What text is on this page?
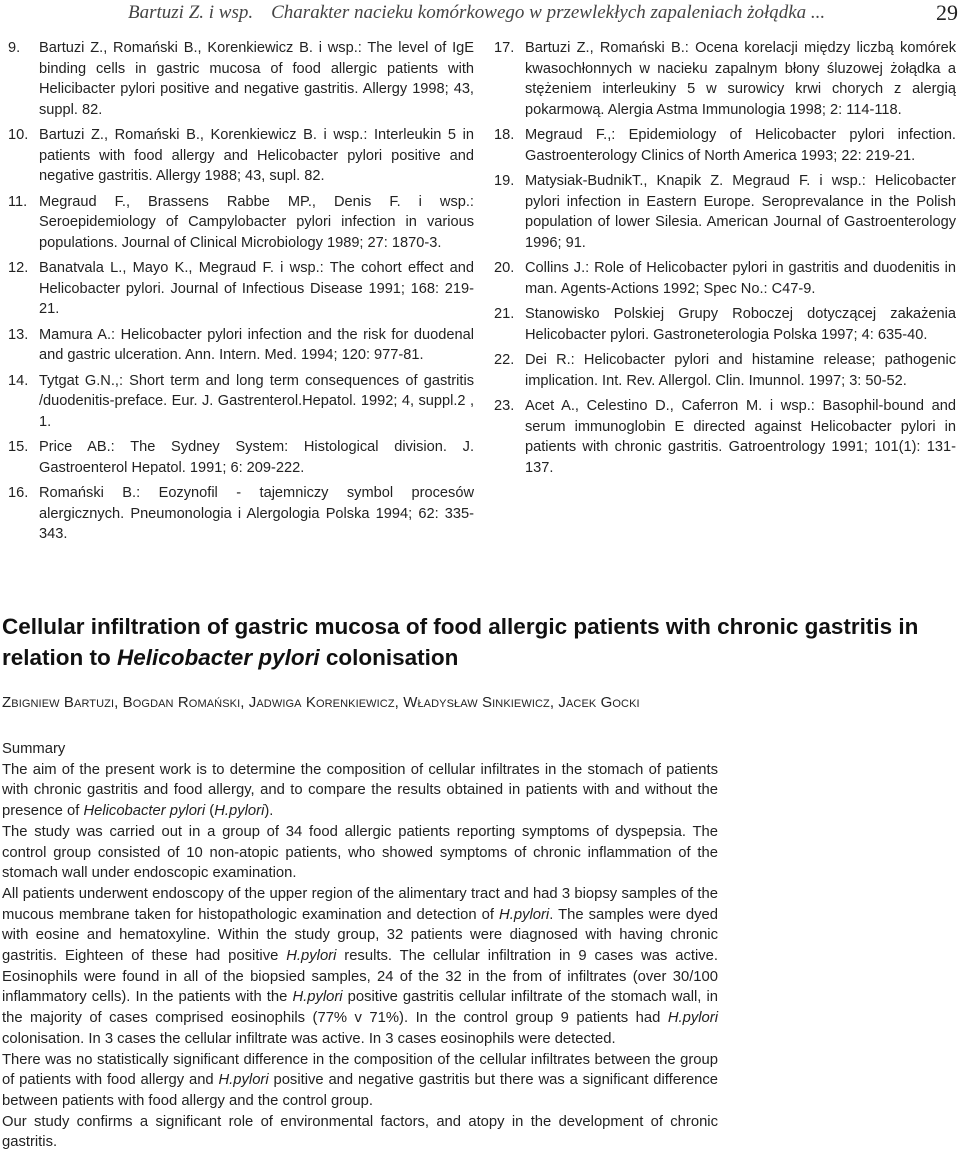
Bartuzi Z. i wsp. Charakter nacieku komórkowego w przewlekłych zapaleniach żołądka ...	29
9. Bartuzi Z., Romański B., Korenkiewicz B. i wsp.: The level of IgE binding cells in gastric mucosa of food allergic patients with Helicibacter pylori positive and negative gastritis. Allergy 1998; 43, suppl. 82.
10. Bartuzi Z., Romański B., Korenkiewicz B. i wsp.: Interleukin 5 in patients with food allergy and Helicobacter pylori positive and negative gastritis. Allergy 1988; 43, supl. 82.
11. Megraud F., Brassens Rabbe MP., Denis F. i wsp.: Seroepidemiology of Campylobacter pylori infection in various populations. Journal of Clinical Microbiology 1989; 27: 1870-3.
12. Banatvala L., Mayo K., Megraud F. i wsp.: The cohort effect and Helicobacter pylori. Journal of Infectious Disease 1991; 168: 219-21.
13. Mamura A.: Helicobacter pylori infection and the risk for duodenal and gastric ulceration. Ann. Intern. Med. 1994; 120: 977-81.
14. Tytgat G.N.,: Short term and long term consequences of gastritis /duodenitis-preface. Eur. J. Gastrenterol.Hepatol. 1992; 4, suppl.2 , 1.
15. Price AB.: The Sydney System: Histological division. J. Gastroenterol Hepatol. 1991; 6: 209-222.
16. Romański B.: Eozynofil - tajemniczy symbol procesów alergicznych. Pneumonologia i Alergologia Polska 1994; 62: 335-343.
17. Bartuzi Z., Romański B.: Ocena korelacji między liczbą komórek kwasochłonnych w nacieku zapalnym błony śluzowej żołądka a stężeniem interleukiny 5 w surowicy krwi chorych z alergią pokarmową. Alergia Astma Immunologia 1998; 2: 114-118.
18. Megraud F.,: Epidemiology of Helicobacter pylori infection. Gastroenterology Clinics of North America 1993; 22: 219-21.
19. Matysiak-BudnikT., Knapik Z. Megraud F. i wsp.: Helicobacter pylori infection in Eastern Europe. Seroprevalance in the Polish population of lower Silesia. American Journal of Gastroenterology 1996; 91.
20. Collins J.: Role of Helicobacter pylori in gastritis and duodenitis in man. Agents-Actions 1992; Spec No.: C47-9.
21. Stanowisko Polskiej Grupy Roboczej dotyczącej zakażenia Helicobacter pylori. Gastroneterologia Polska 1997; 4: 635-40.
22. Dei R.: Helicobacter pylori and histamine release; pathogenic implication. Int. Rev. Allergol. Clin. Imunnol. 1997; 3: 50-52.
23. Acet A., Celestino D., Caferron M. i wsp.: Basophil-bound and serum immunoglobin E directed against Helicobacter pylori in patients with chronic gastritis. Gatroentrology 1991; 101(1): 131-137.
Cellular infiltration of gastric mucosa of food allergic patients with chronic gastritis in relation to Helicobacter pylori colonisation
Zbigniew Bartuzi, Bogdan Romański, Jadwiga Korenkiewicz, Władysław Sinkiewicz, Jacek Gocki

Summary

The aim of the present work is to determine the composition of cellular infiltrates in the stomach of patients with chronic gastritis and food allergy, and to compare the results obtained in patients with and without the presence of Helicobacter pylori (H.pylori).

The study was carried out in a group of 34 food allergic patients reporting symptoms of dyspepsia. The control group consisted of 10 non-atopic patients, who showed symptoms of chronic inflammation of the stomach wall under endoscopic examination.

All patients underwent endoscopy of the upper region of the alimentary tract and had 3 biopsy samples of the mucous membrane taken for histopathologic examination and detection of H.pylori. The samples were dyed with eosine and hematoxyline. Within the study group, 32 patients were diagnosed with having chronic gastritis. Eighteen of these had positive H.pylori results. The cellular infiltration in 9 cases was active. Eosinophils were found in all of the biopsied samples, 24 of the 32 in the from of infiltrates (over 30/100 inflammatory cells). In the patients with the H.pylori positive gastritis cellular infiltrate of the stomach wall, in the majority of cases comprised eosinophils (77% v 71%). In the control group 9 patients had H.pylori colonisation. In 3 cases the cellular infiltrate was active. In 3 cases eosinophils were detected.

There was no statistically significant difference in the composition of the cellular infiltrates between the group of patients with food allergy and H.pylori positive and negative gastritis but there was a significant difference between patients with food allergy and the control group.

Our study confirms a significant role of environmental factors, and atopy in the development of chronic gastritis.
